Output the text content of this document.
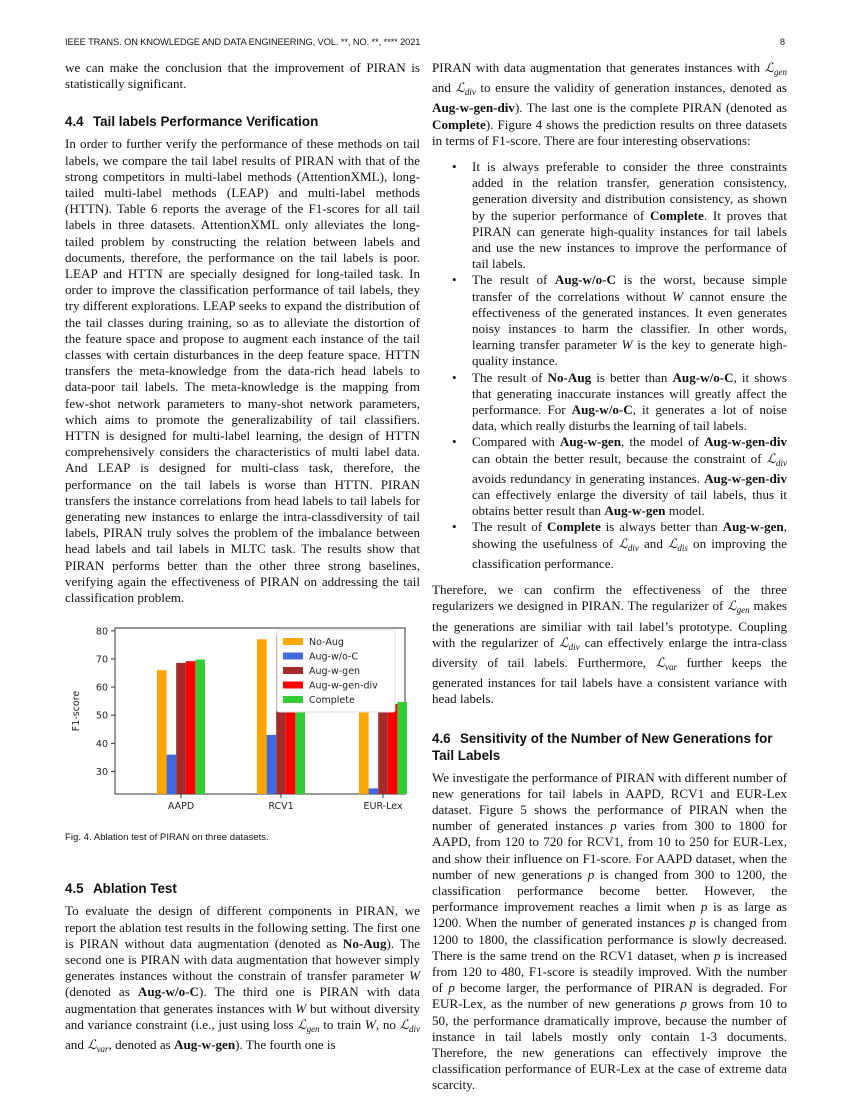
IEEE TRANS. ON KNOWLEDGE AND DATA ENGINEERING, VOL. **, NO. **, **** 2021	8

we can make the conclusion that the improvement of PIRAN is statistically significant.

4.4 Tail labels Performance Verification

In order to further verify the performance of these methods on tail labels, we compare the tail label results of PIRAN with that of the strong competitors in multi-label methods (AttentionXML), long-tailed multi-label methods (LEAP) and multi-label methods (HTTN). Table 6 reports the average of the F1-scores for all tail labels in three datasets. AttentionXML only alleviates the long-tailed problem by constructing the relation between labels and documents, therefore, the performance on the tail labels is poor. LEAP and HTTN are specially designed for long-tailed task. In order to improve the classification performance of tail labels, they try different explorations. LEAP seeks to expand the distribution of the tail classes during training, so as to alleviate the distortion of the feature space and propose to augment each instance of the tail classes with certain disturbances in the deep feature space. HTTN transfers the meta-knowledge from the data-rich head labels to data-poor tail labels. The meta-knowledge is the mapping from few-shot network parameters to many-shot network parameters, which aims to promote the generalizability of tail classifiers. HTTN is designed for multi-label learning, the design of HTTN comprehensively considers the characteristics of multi label data. And LEAP is designed for multi-class task, therefore, the performance on the tail labels is worse than HTTN. PIRAN transfers the instance correlations from head labels to tail labels for generating new instances to enlarge the intra-classdiversity of tail labels, PIRAN truly solves the problem of the imbalance between head labels and tail labels in MLTC task. The results show that PIRAN performs better than the other three strong baselines, verifying again the effectiveness of PIRAN on addressing the tail classification problem.

30
40
50
60
70
80
F1-score
AAPD	RCV1	EUR-Lex
No-Aug
Aug-w/o-C
Aug-w-gen
Aug-w-gen-div
Complete

Fig. 4. Ablation test of PIRAN on three datasets.

4.5 Ablation Test

To evaluate the design of different components in PIRAN, we report the ablation test results in the following setting. The first one is PIRAN without data augmentation (denoted as No-Aug). The second one is PIRAN with data augmentation that however simply generates instances without the constrain of transfer parameter W (denoted as Aug-w/o-C). The third one is PIRAN with data augmentation that generates instances with W but without diversity and variance constraint (i.e., just using loss ℒ$_{gen}$ to train W, no ℒ$_{div}$ and ℒ$_{var}$, denoted as Aug-w-gen). The fourth one is

PIRAN with data augmentation that generates instances with ℒ$_{gen}$ and ℒ$_{div}$ to ensure the validity of generation instances, denoted as Aug-w-gen-div). The last one is the complete PIRAN (denoted as Complete). Figure 4 shows the prediction results on three datasets in terms of F1-score. There are four interesting observations:

• It is always preferable to consider the three constraints added in the relation transfer, generation consistency, generation diversity and distribution consistency, as shown by the superior performance of Complete. It proves that PIRAN can generate high-quality instances for tail labels and use the new instances to improve the performance of tail labels.
• The result of Aug-w/o-C is the worst, because simple transfer of the correlations without W cannot ensure the effectiveness of the generated instances. It even generates noisy instances to harm the classifier. In other words, learning transfer parameter W is the key to generate high-quality instance.
• The result of No-Aug is better than Aug-w/o-C, it shows that generating inaccurate instances will greatly affect the performance. For Aug-w/o-C, it generates a lot of noise data, which really disturbs the learning of tail labels.
• Compared with Aug-w-gen, the model of Aug-w-gen-div can obtain the better result, because the constraint of ℒ$_{div}$ avoids redundancy in generating instances. Aug-w-gen-div can effectively enlarge the diversity of tail labels, thus it obtains better result than Aug-w-gen model.
• The result of Complete is always better than Aug-w-gen, showing the usefulness of ℒ$_{div}$ and ℒ$_{dis}$ on improving the classification performance.

Therefore, we can confirm the effectiveness of the three regularizers we designed in PIRAN. The regularizer of ℒ$_{gen}$ makes the generations are similiar with tail label’s prototype. Coupling with the regularizer of ℒ$_{div}$ can effectively enlarge the intra-class diversity of tail labels. Furthermore, ℒ$_{var}$ further keeps the generated instances for tail labels have a consistent variance with head labels.

4.6 Sensitivity of the Number of New Generations for
Tail Labels

We investigate the performance of PIRAN with different number of new generations for tail labels in AAPD, RCV1 and EUR-Lex dataset. Figure 5 shows the performance of PIRAN when the number of generated instances p varies from 300 to 1800 for AAPD, from 120 to 720 for RCV1, from 10 to 250 for EUR-Lex, and show their influence on F1-score. For AAPD dataset, when the number of new generations p is changed from 300 to 1200, the classification performance become better. However, the performance improvement reaches a limit when p is as large as 1200. When the number of generated instances p is changed from 1200 to 1800, the classification performance is slowly decreased. There is the same trend on the RCV1 dataset, when p is increased from 120 to 480, F1-score is steadily improved. With the number of p become larger, the performance of PIRAN is degraded. For EUR-Lex, as the number of new generations p grows from 10 to 50, the performance dramatically improve, because the number of instance in tail labels mostly only contain 1-3 documents. Therefore, the new generations can effectively improve the classification performance of EUR-Lex at the case of extreme data scarcity.
